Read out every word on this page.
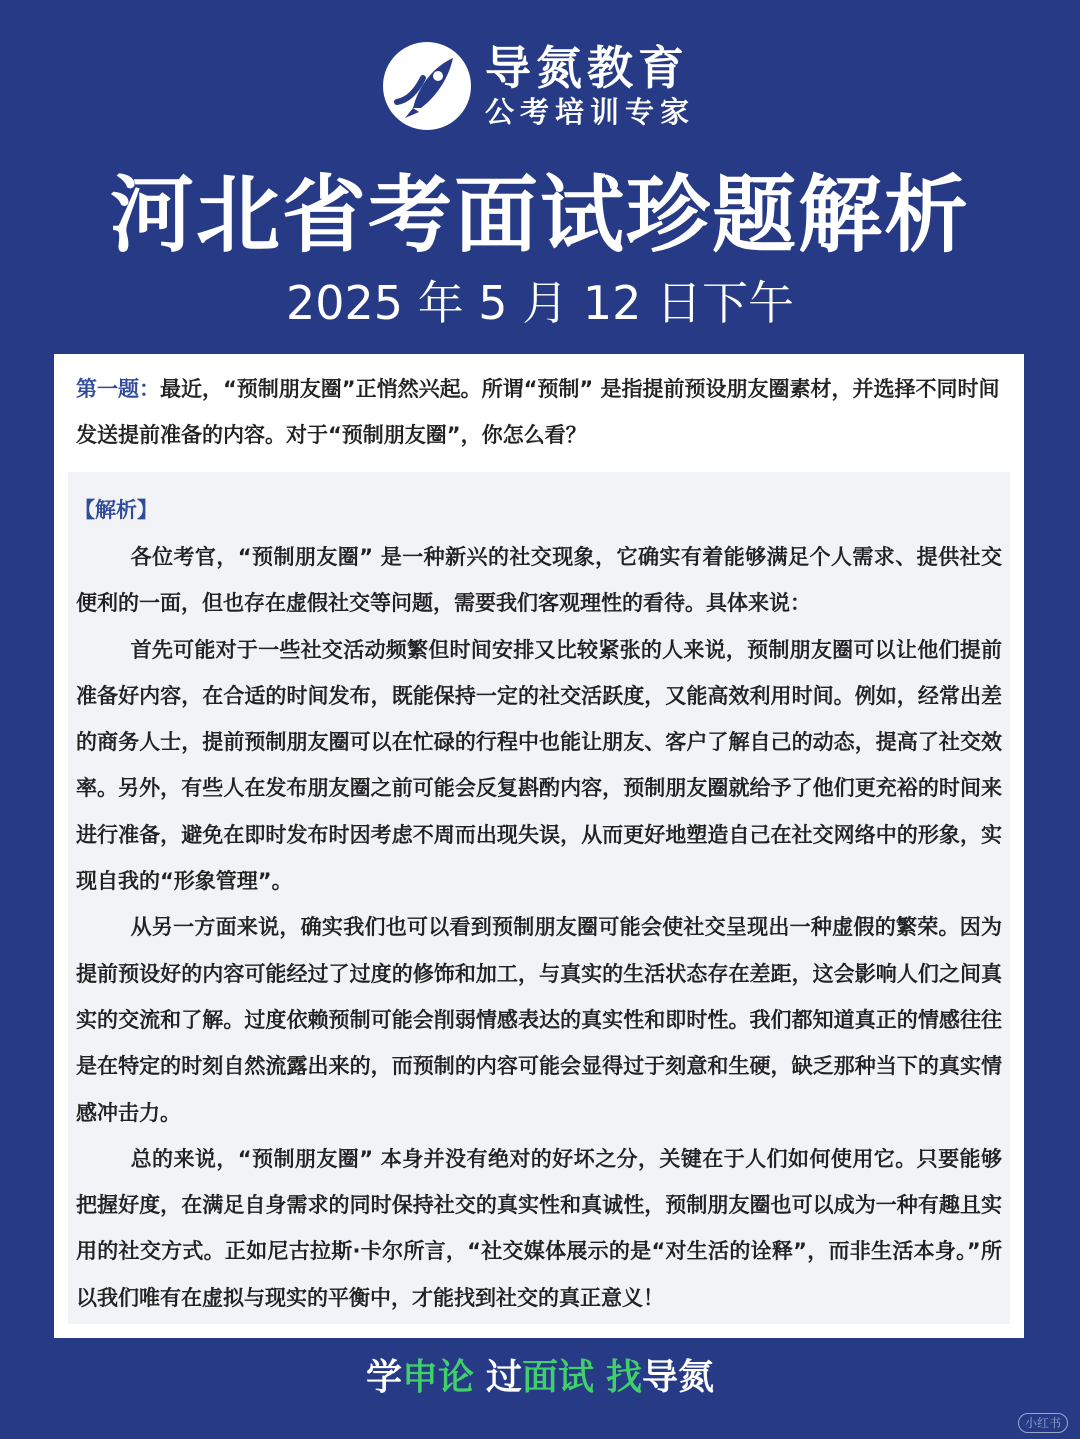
导氮教育
公考培训专家
河北省考面试珍题解析
2025 年 5 月 12 日下午
第一题：最近，“预制朋友圈”正悄然兴起。所谓“预制” 是指提前预设朋友圈素材，并选择不同时间发送提前准备的内容。对于“预制朋友圈”，你怎么看？
【解析】

各位考官，“预制朋友圈” 是一种新兴的社交现象，它确实有着能够满足个人需求、提供社交便利的一面，但也存在虚假社交等问题，需要我们客观理性的看待。具体来说：

首先可能对于一些社交活动频繁但时间安排又比较紧张的人来说，预制朋友圈可以让他们提前准备好内容，在合适的时间发布，既能保持一定的社交活跃度，又能高效利用时间。例如，经常出差的商务人士，提前预制朋友圈可以在忙碌的行程中也能让朋友、客户了解自己的动态，提高了社交效率。另外，有些人在发布朋友圈之前可能会反复斟酌内容，预制朋友圈就给予了他们更充裕的时间来进行准备，避免在即时发布时因考虑不周而出现失误，从而更好地塑造自己在社交网络中的形象，实现自我的“形象管理”。

从另一方面来说，确实我们也可以看到预制朋友圈可能会使社交呈现出一种虚假的繁荣。因为提前预设好的内容可能经过了过度的修饰和加工，与真实的生活状态存在差距，这会影响人们之间真实的交流和了解。过度依赖预制可能会削弱情感表达的真实性和即时性。我们都知道真正的情感往往是在特定的时刻自然流露出来的，而预制的内容可能会显得过于刻意和生硬，缺乏那种当下的真实情感冲击力。

总的来说，“预制朋友圈” 本身并没有绝对的好坏之分，关键在于人们如何使用它。只要能够把握好度，在满足自身需求的同时保持社交的真实性和真诚性，预制朋友圈也可以成为一种有趣且实用的社交方式。正如尼古拉斯·卡尔所言，“社交媒体展示的是“对生活的诠释”，而非生活本身。”所以我们唯有在虚拟与现实的平衡中，才能找到社交的真正意义！

学申论 过面试 找导氮
小红书
